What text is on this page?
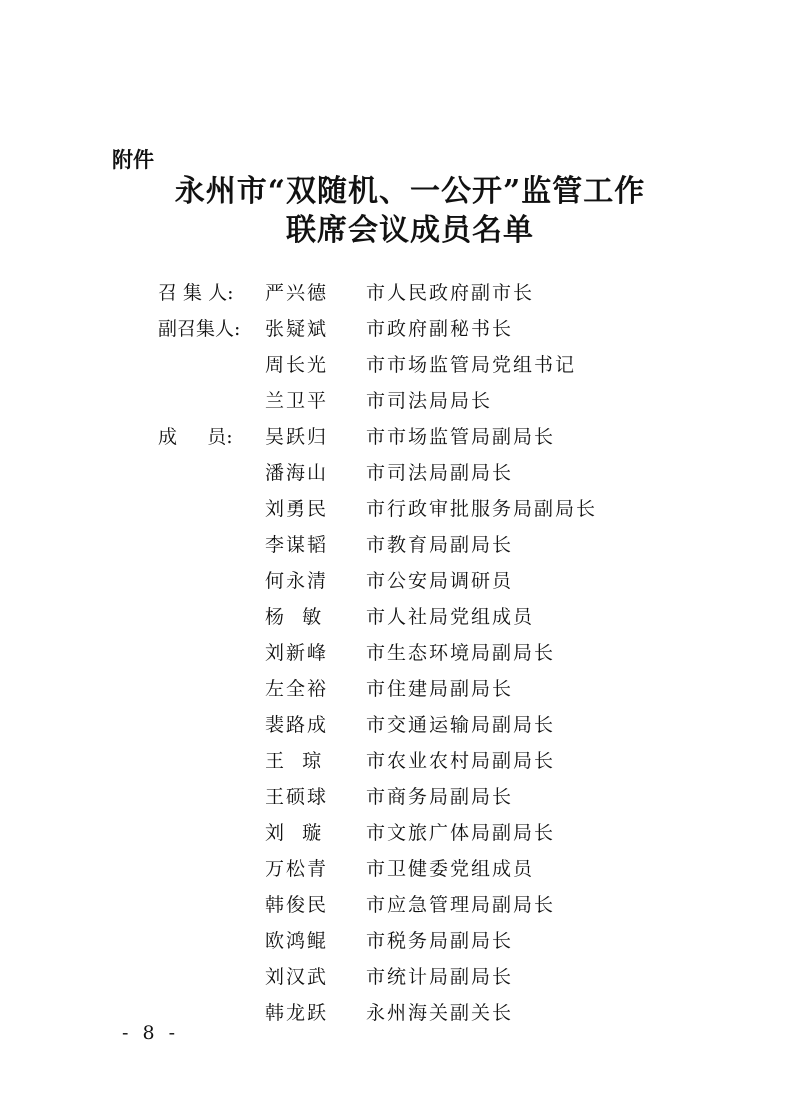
附件
永州市“双随机、一公开”监管工作
联席会议成员名单
召 集 人:	严兴德 市人民政府副市长
副召集人:	张疑斌 市政府副秘书长
周长光 市市场监管局党组书记
兰卫平 市司法局局长
成     员:	吴跃归 市市场监管局副局长
潘海山 市司法局副局长
刘勇民 市行政审批服务局副局长
李谋韬 市教育局副局长
何永清 市公安局调研员
杨  敏 市人社局党组成员
刘新峰 市生态环境局副局长
左全裕 市住建局副局长
裴路成 市交通运输局副局长
王  琼 市农业农村局副局长
王硕球 市商务局副局长
刘  璇 市文旅广体局副局长
万松青 市卫健委党组成员
韩俊民 市应急管理局副局长
欧鸿鲲 市税务局副局长
刘汉武 市统计局副局长
韩龙跃 永州海关副关长
- 8 -
